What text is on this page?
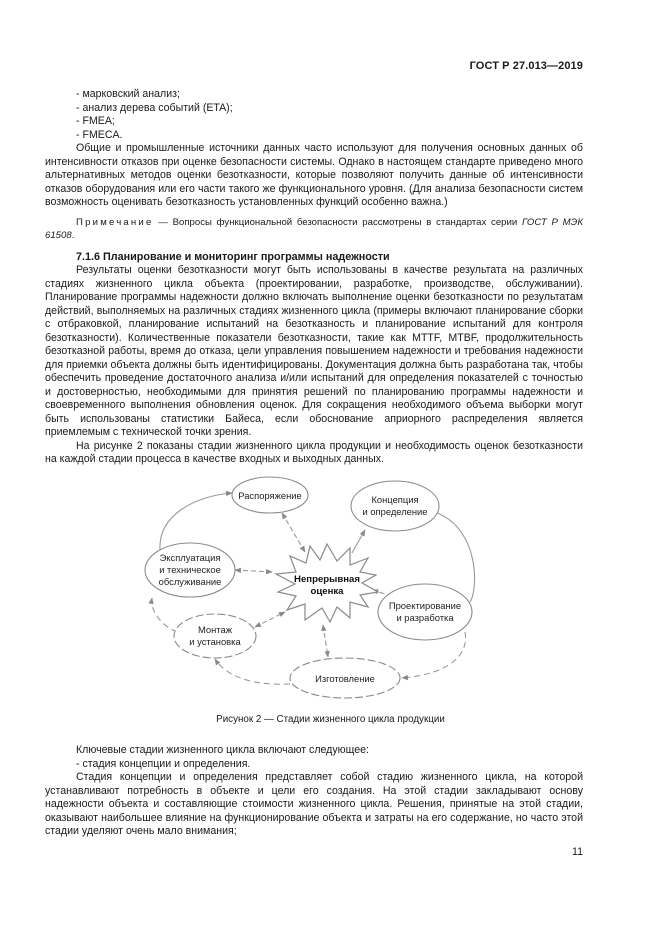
ГОСТ Р 27.013—2019

- марковский анализ;

- анализ дерева событий (ETA);

- FMEA;

- FMECA.

Общие и промышленные источники данных часто используют для получения основных данных об интенсивности отказов при оценке безопасности системы. Однако в настоящем стандарте приведено много альтернативных методов оценки безотказности, которые позволяют получить данные об интенсивности отказов оборудования или его части такого же функционального уровня. (Для анализа безопасности систем возможность оценивать безотказность установленных функций особенно важна.)

Примечание — Вопросы функциональной безопасности рассмотрены в стандартах серии ГОСТ Р МЭК 61508.

7.1.6 Планирование и мониторинг программы надежности

Результаты оценки безотказности могут быть использованы в качестве результата на различных стадиях жизненного цикла объекта (проектировании, разработке, производстве, обслуживании). Планирование программы надежности должно включать выполнение оценки безотказности по результатам действий, выполняемых на различных стадиях жизненного цикла (примеры включают планирование сборки с отбраковкой, планирование испытаний на безотказность и планирование испытаний для контроля безотказности). Количественные показатели безотказности, такие как MTTF, MTBF, продолжительность безотказной работы, время до отказа, цели управления повышением надежности и требования надежности для приемки объекта должны быть идентифицированы. Документация должна быть разработана так, чтобы обеспечить проведение достаточного анализа и/или испытаний для определения показателей с точностью и достоверностью, необходимыми для принятия решений по планированию программы надежности и своевременного выполнения обновления оценок. Для сокращения необходимого объема выборки могут быть использованы статистики Байеса, если обоснование априорного распределения является приемлемым с технической точки зрения.

На рисунке 2 показаны стадии жизненного цикла продукции и необходимость оценок безотказности на каждой стадии процесса в качестве входных и выходных данных.

Непрерывная
оценка
Распоряжение	Концепция
и определение
Проектирование
и разработка
Изготовление
Монтаж
и установка
Эксплуатация
и техническое
обслуживание
Рисунок 2 — Стадии жизненного цикла продукции

Ключевые стадии жизненного цикла включают следующее:

- стадия концепции и определения.

Стадия концепции и определения представляет собой стадию жизненного цикла, на которой устанавливают потребность в объекте и цели его создания. На этой стадии закладывают основу надежности объекта и составляющие стоимости жизненного цикла. Решения, принятые на этой стадии, оказывают наибольшее влияние на функционирование объекта и затраты на его содержание, но часто этой стадии уделяют очень мало внимания;

11
